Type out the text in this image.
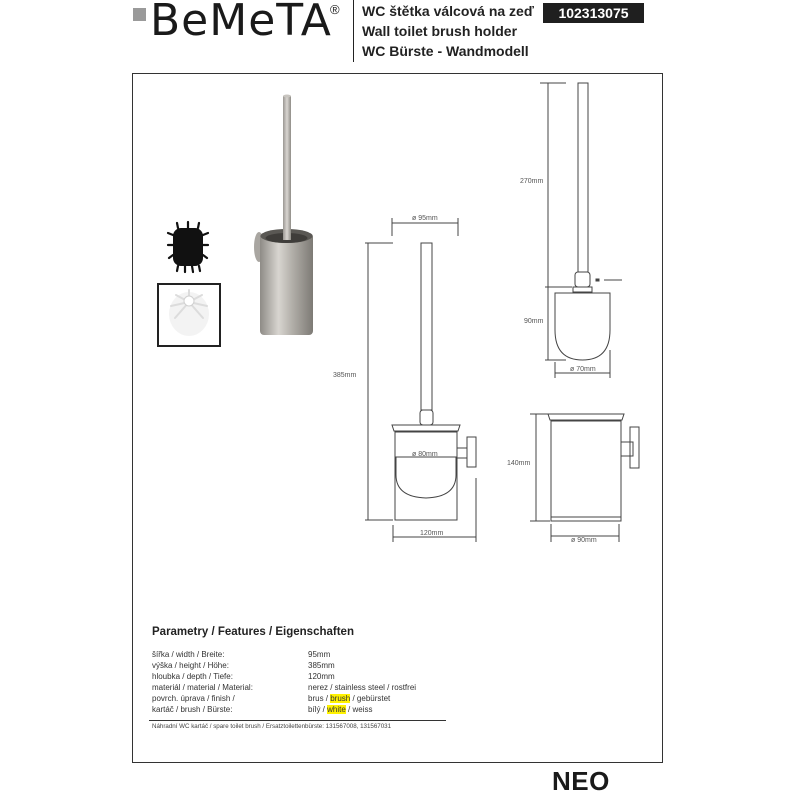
BeMeTA
® WC štětka válcová na zeď
Wall toilet brush holder
WC Bürste - Wandmodell
102313075
ø 95mm
385mm
ø 80mm
120mm
270mm
90mm
ø 70mm
140mm
ø 90mm
Parametry / Features / Eigenschaften
šířka / width / Breite:	95mm
výška / height / Höhe:	385mm
hloubka / depth / Tiefe:	120mm
materiál / material / Material:	nerez / stainless steel / rostfrei
povrch. úprava / finish /	brus / brush / gebürstet
kartáč / brush / Bürste:	bílý / white / weiss
Náhradní WC kartáč / spare toilet brush / Ersatztoilettenbürste: 131567008, 131567031
NEO
